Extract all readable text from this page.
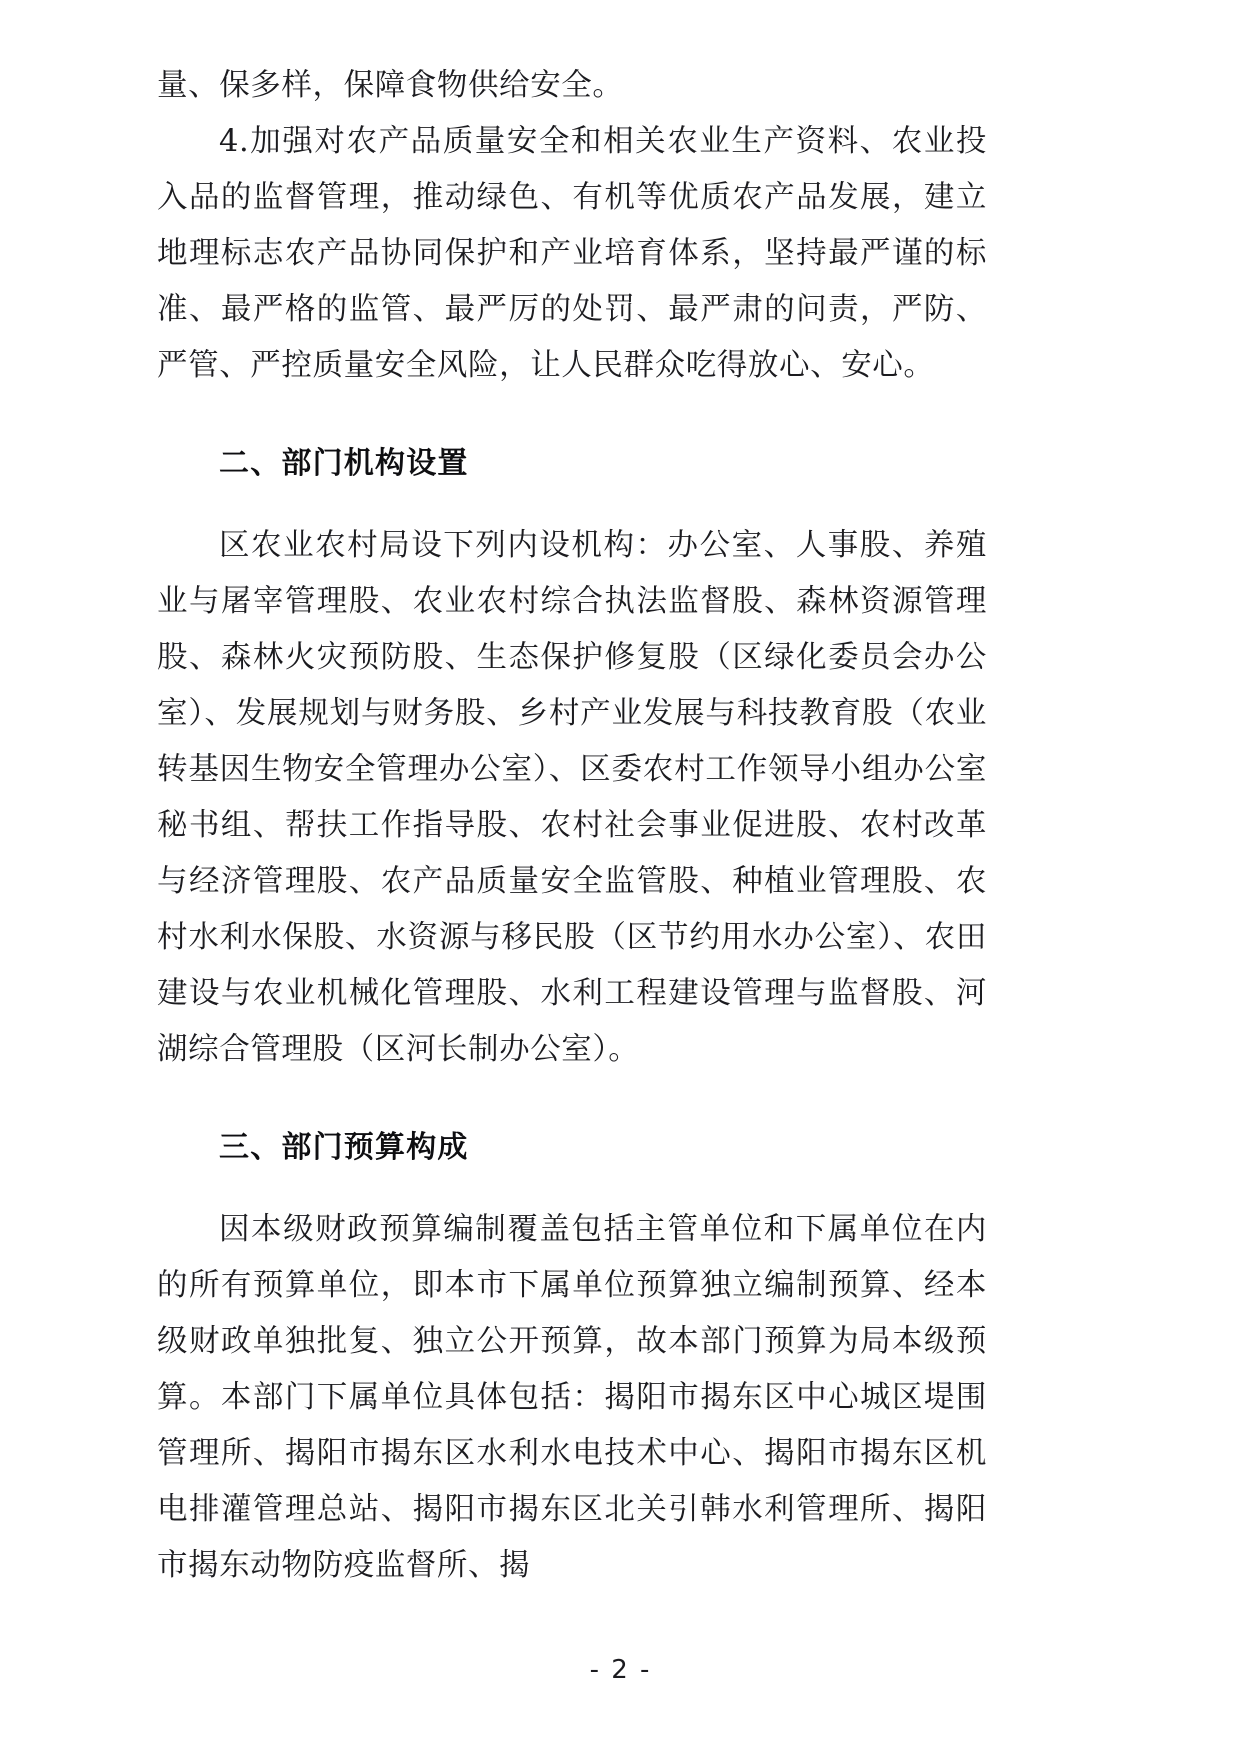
量、保多样，保障食物供给安全。

4.加强对农产品质量安全和相关农业生产资料、农业投入品的监督管理，推动绿色、有机等优质农产品发展，建立地理标志农产品协同保护和产业培育体系，坚持最严谨的标准、最严格的监管、最严厉的处罚、最严肃的问责，严防、严管、严控质量安全风险，让人民群众吃得放心、安心。

二、部门机构设置

区农业农村局设下列内设机构：办公室、人事股、养殖业与屠宰管理股、农业农村综合执法监督股、森林资源管理股、森林火灾预防股、生态保护修复股（区绿化委员会办公室）、发展规划与财务股、乡村产业发展与科技教育股（农业转基因生物安全管理办公室）、区委农村工作领导小组办公室秘书组、帮扶工作指导股、农村社会事业促进股、农村改革与经济管理股、农产品质量安全监管股、种植业管理股、农村水利水保股、水资源与移民股（区节约用水办公室）、农田建设与农业机械化管理股、水利工程建设管理与监督股、河湖综合管理股（区河长制办公室）。

三、部门预算构成

因本级财政预算编制覆盖包括主管单位和下属单位在内的所有预算单位，即本市下属单位预算独立编制预算、经本级财政单独批复、独立公开预算，故本部门预算为局本级预算。本部门下属单位具体包括：揭阳市揭东区中心城区堤围管理所、揭阳市揭东区水利水电技术中心、揭阳市揭东区机电排灌管理总站、揭阳市揭东区北关引韩水利管理所、揭阳市揭东动物防疫监督所、揭

- 2 -
